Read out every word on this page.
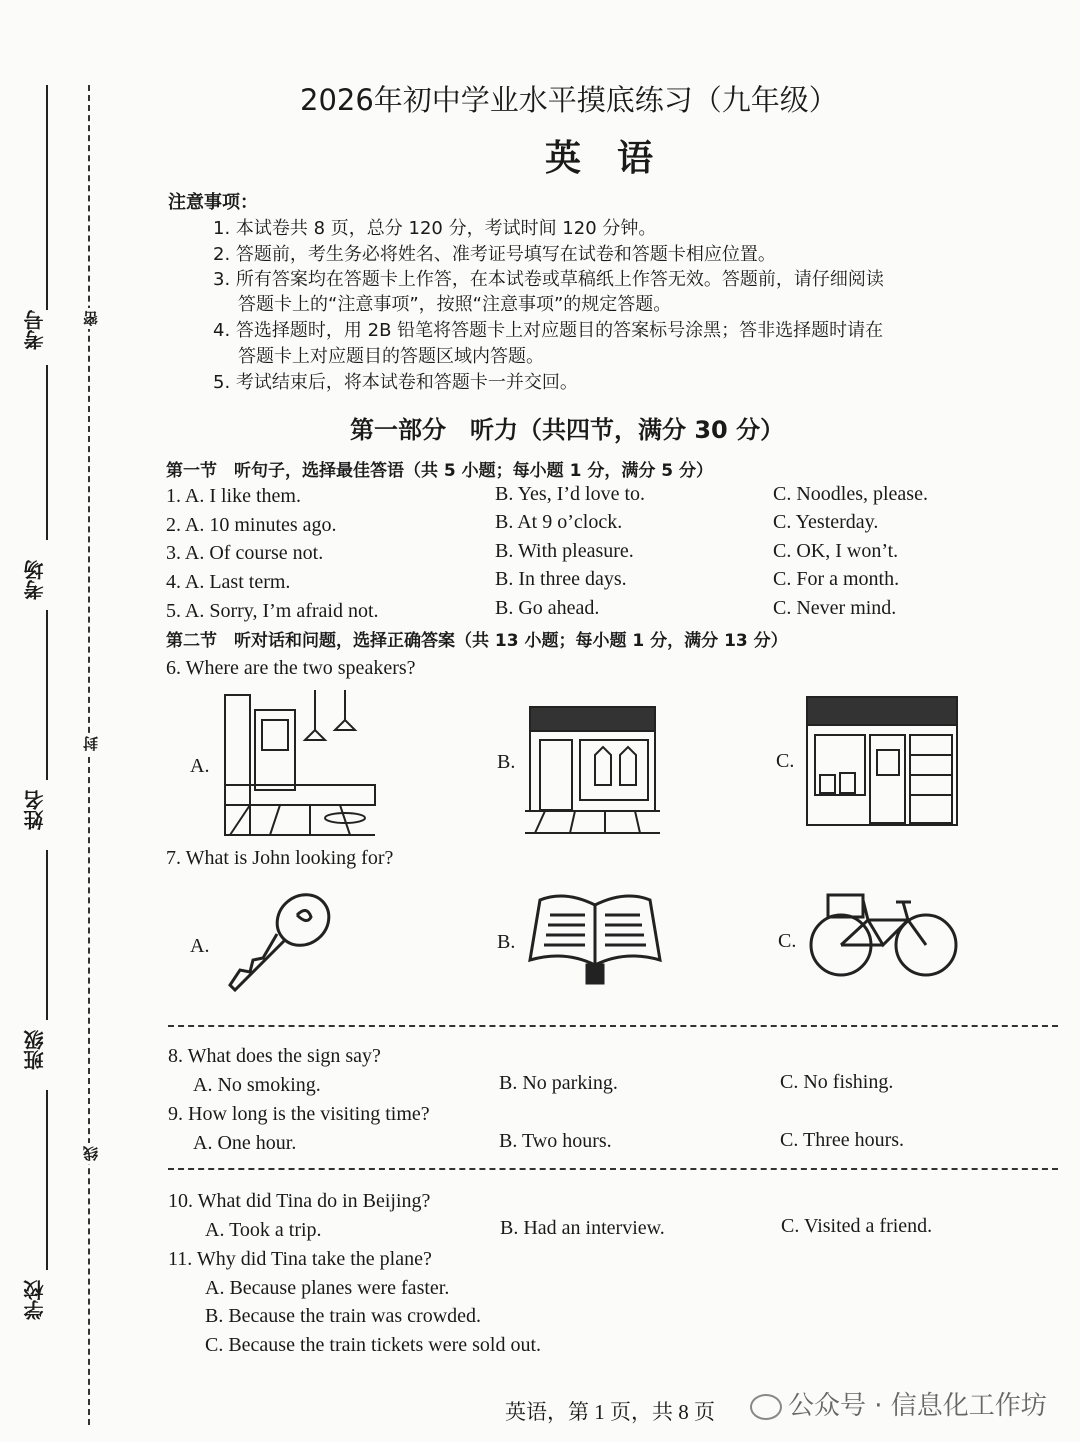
考号
考场
姓名
班级
学校
密
封
线
2026年初中学业水平摸底练习（九年级）
英　语
注意事项：
1. 本试卷共 8 页，总分 120 分，考试时间 120 分钟。
2. 答题前，考生务必将姓名、准考证号填写在试卷和答题卡相应位置。
3. 所有答案均在答题卡上作答，在本试卷或草稿纸上作答无效。答题前，请仔细阅读
答题卡上的“注意事项”，按照“注意事项”的规定答题。
4. 答选择题时，用 2B 铅笔将答题卡上对应题目的答案标号涂黑；答非选择题时请在
答题卡上对应题目的答题区域内答题。
5. 考试结束后，将本试卷和答题卡一并交回。
第一部分　听力（共四节，满分 30 分）
第一节　听句子，选择最佳答语（共 5 小题；每小题 1 分，满分 5 分）
1. A. I like them.	B. Yes, I’d love to.	C. Noodles, please.
2. A. 10 minutes ago.	B. At 9 o’clock.	C. Yesterday.
3. A. Of course not.	B. With pleasure.	C. OK, I won’t.
4. A. Last term.	B. In three days.	C. For a month.
5. A. Sorry, I’m afraid not.	B. Go ahead.	C. Never mind.
第二节　听对话和问题，选择正确答案（共 13 小题；每小题 1 分，满分 13 分）
6. Where are the two speakers?
A.	B.	C.
7. What is John looking for?
A.	B.	C.
8. What does the sign say?
A. No smoking.	B. No parking.	C. No fishing.
9. How long is the visiting time?
A. One hour.	B. Two hours.	C. Three hours.
10. What did Tina do in Beijing?
A. Took a trip.	B. Had an interview.	C. Visited a friend.
11. Why did Tina take the plane?
A. Because planes were faster.
B. Because the train was crowded.
C. Because the train tickets were sold out.
英语，第 1 页，共 8 页	公众号 · 信息化工作坊
